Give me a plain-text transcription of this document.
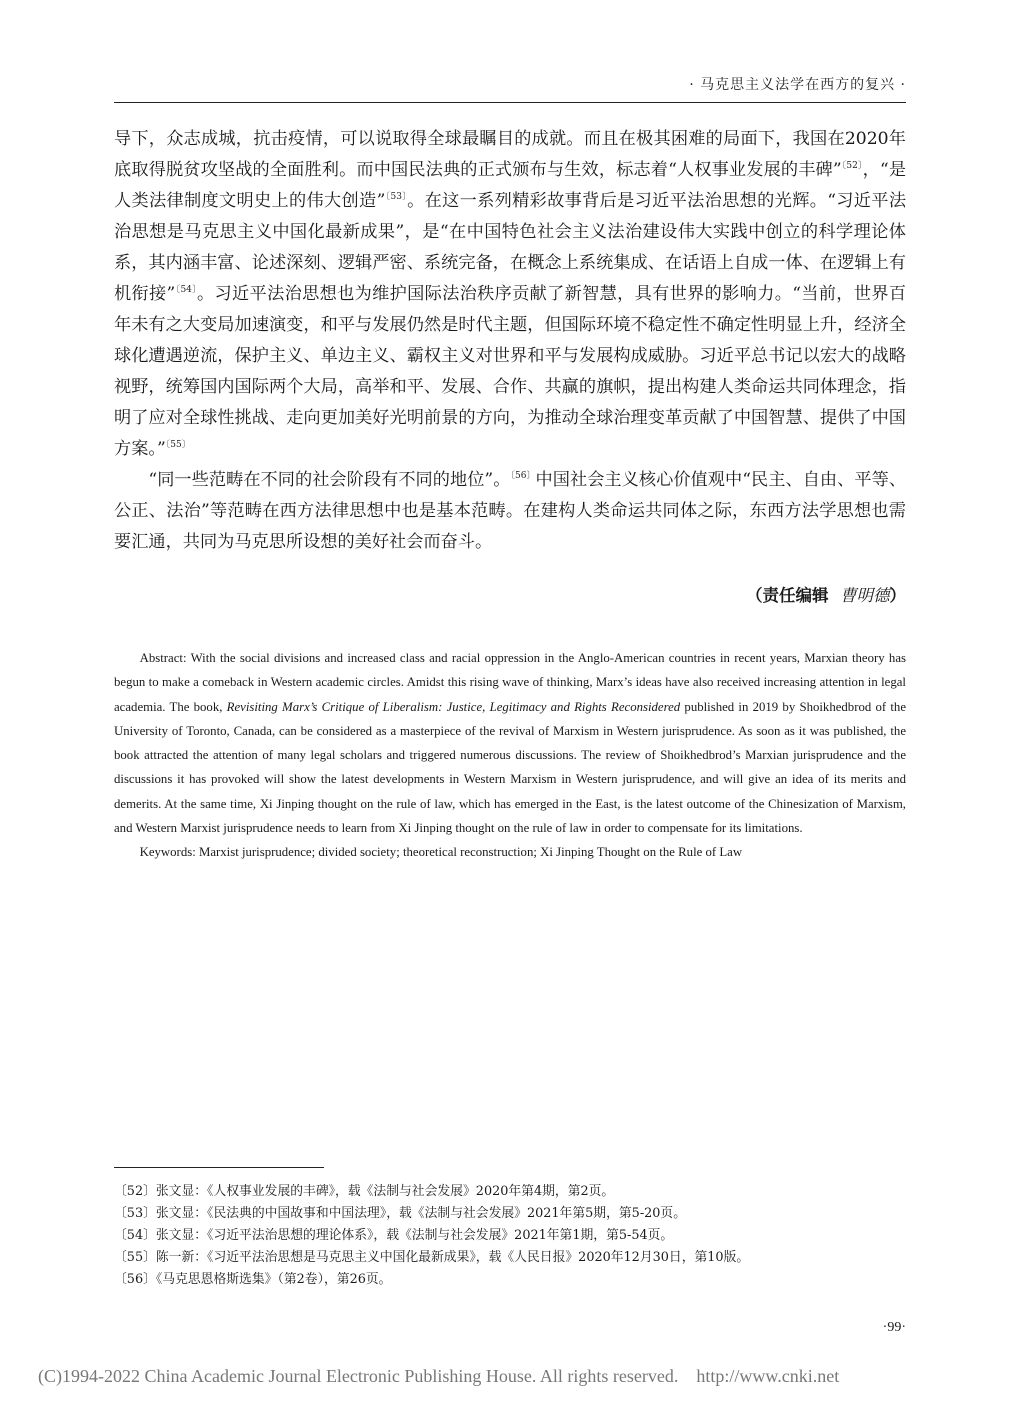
· 马克思主义法学在西方的复兴 ·

导下，众志成城，抗击疫情，可以说取得全球最瞩目的成就。而且在极其困难的局面下，我国在2020年底取得脱贫攻坚战的全面胜利。而中国民法典的正式颁布与生效，标志着“人权事业发展的丰碑”$^{〔52〕}$，“是人类法律制度文明史上的伟大创造”$^{〔53〕}$。在这一系列精彩故事背后是习近平法治思想的光辉。“习近平法治思想是马克思主义中国化最新成果”，是“在中国特色社会主义法治建设伟大实践中创立的科学理论体系，其内涵丰富、论述深刻、逻辑严密、系统完备，在概念上系统集成、在话语上自成一体、在逻辑上有机衔接”$^{〔54〕}$。习近平法治思想也为维护国际法治秩序贡献了新智慧，具有世界的影响力。“当前，世界百年未有之大变局加速演变，和平与发展仍然是时代主题，但国际环境不稳定性不确定性明显上升，经济全球化遭遇逆流，保护主义、单边主义、霸权主义对世界和平与发展构成威胁。习近平总书记以宏大的战略视野，统筹国内国际两个大局，高举和平、发展、合作、共赢的旗帜，提出构建人类命运共同体理念，指明了应对全球性挑战、走向更加美好光明前景的方向，为推动全球治理变革贡献了中国智慧、提供了中国方案。”$^{〔55〕}$

“同一些范畴在不同的社会阶段有不同的地位”。$^{〔56〕}$中国社会主义核心价值观中“民主、自由、平等、公正、法治”等范畴在西方法律思想中也是基本范畴。在建构人类命运共同体之际，东西方法学思想也需要汇通，共同为马克思所设想的美好社会而奋斗。

（责任编辑 曹明德）

Abstract: With the social divisions and increased class and racial oppression in the Anglo-American countries in recent years, Marxian theory has begun to make a comeback in Western academic circles. Amidst this rising wave of thinking, Marx’s ideas have also received increasing attention in legal academia. The book, Revisiting Marx’s Critique of Liberalism: Justice, Legitimacy and Rights Reconsidered published in 2019 by Shoikhedbrod of the University of Toronto, Canada, can be considered as a masterpiece of the revival of Marxism in Western jurisprudence. As soon as it was published, the book attracted the attention of many legal scholars and triggered numerous discussions. The review of Shoikhedbrod’s Marxian jurisprudence and the discussions it has provoked will show the latest developments in Western Marxism in Western jurisprudence, and will give an idea of its merits and demerits. At the same time, Xi Jinping thought on the rule of law, which has emerged in the East, is the latest outcome of the Chinesization of Marxism, and Western Marxist jurisprudence needs to learn from Xi Jinping thought on the rule of law in order to compensate for its limitations.

Keywords: Marxist jurisprudence; divided society; theoretical reconstruction; Xi Jinping Thought on the Rule of Law

〔52〕张文显：《人权事业发展的丰碑》，载《法制与社会发展》2020年第4期，第2页。

〔53〕张文显：《民法典的中国故事和中国法理》，载《法制与社会发展》2021年第5期，第5-20页。

〔54〕张文显：《习近平法治思想的理论体系》，载《法制与社会发展》2021年第1期，第5-54页。

〔55〕陈一新：《习近平法治思想是马克思主义中国化最新成果》，载《人民日报》2020年12月30日，第10版。

〔56〕《马克思恩格斯选集》（第2卷），第26页。

·99·
(C)1994-2022 China Academic Journal Electronic Publishing House. All rights reserved. http://www.cnki.net
